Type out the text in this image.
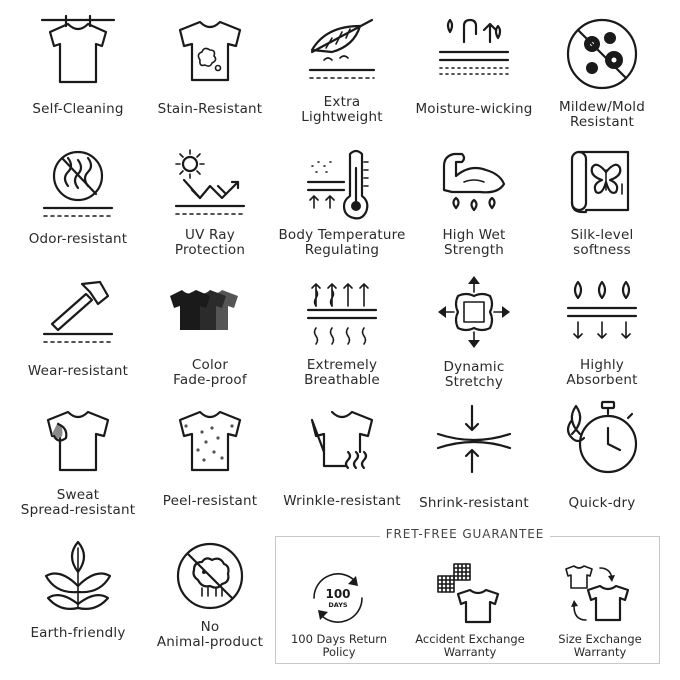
Self-Cleaning	Stain-Resistant	Extra
Lightweight	Moisture-wicking	Mildew/Mold
Resistant
Odor-resistant	UV Ray
Protection
Body Temperature
Regulating
High Wet
Strength
Silk-level
softness
Wear-resistant	Color
Fade-proof
Extremely
Breathable
Dynamic
Stretchy
Highly
Absorbent
Sweat
Spread-resistant
Peel-resistant	Wrinkle-resistant	Shrink-resistant	Quick-dry
Earth-friendly	No
Animal-product
FRET-FREE GUARANTEE
100
DAYS
100 Days Return
Policy
Accident Exchange
Warranty
Size Exchange
Warranty
